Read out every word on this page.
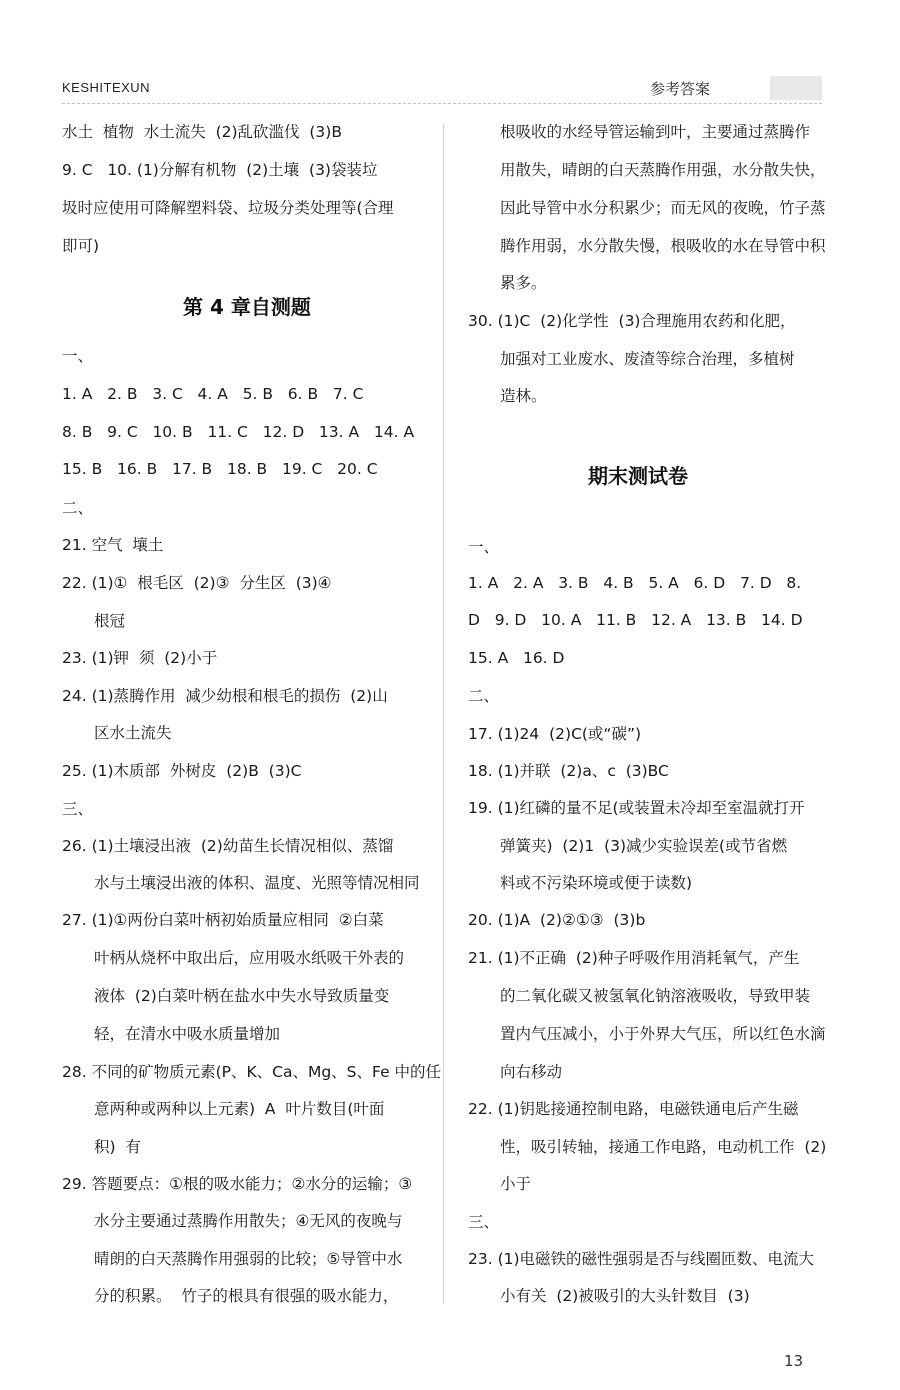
KESHITEXUN	参考答案
水土  植物  水土流失  (2)乱砍滥伐  (3)B
9. C   10. (1)分解有机物  (2)土壤  (3)袋装垃
圾时应使用可降解塑料袋、垃圾分类处理等(合理
即可)
第 4 章自测题
一、
1. A   2. B   3. C   4. A   5. B   6. B   7. C
8. B   9. C   10. B   11. C   12. D   13. A   14. A
15. B   16. B   17. B   18. B   19. C   20. C
二、
21. 空气  壤土
22. (1)①  根毛区  (2)③  分生区  (3)④
根冠
23. (1)钾  须  (2)小于
24. (1)蒸腾作用  减少幼根和根毛的损伤  (2)山
区水土流失
25. (1)木质部  外树皮  (2)B  (3)C
三、
26. (1)土壤浸出液  (2)幼苗生长情况相似、蒸馏
水与土壤浸出液的体积、温度、光照等情况相同
27. (1)①两份白菜叶柄初始质量应相同  ②白菜
叶柄从烧杯中取出后，应用吸水纸吸干外表的
液体  (2)白菜叶柄在盐水中失水导致质量变
轻，在清水中吸水质量增加
28. 不同的矿物质元素(P、K、Ca、Mg、S、Fe 中的任
意两种或两种以上元素)  A  叶片数目(叶面
积)  有
29. 答题要点：①根的吸水能力；②水分的运输；③
水分主要通过蒸腾作用散失；④无风的夜晚与
晴朗的白天蒸腾作用强弱的比较；⑤导管中水
分的积累。  竹子的根具有很强的吸水能力，
根吸收的水经导管运输到叶，主要通过蒸腾作
用散失，晴朗的白天蒸腾作用强，水分散失快，
因此导管中水分积累少；而无风的夜晚，竹子蒸
腾作用弱，水分散失慢，根吸收的水在导管中积
累多。
30. (1)C  (2)化学性  (3)合理施用农药和化肥，
加强对工业废水、废渣等综合治理，多植树
造林。
期末测试卷
一、
1. A   2. A   3. B   4. B   5. A   6. D   7. D   8.
D   9. D   10. A   11. B   12. A   13. B   14. D
15. A   16. D
二、
17. (1)24  (2)C(或“碳”)
18. (1)并联  (2)a、c  (3)BC
19. (1)红磷的量不足(或装置未冷却至室温就打开
弹簧夹)  (2)1  (3)减少实验误差(或节省燃
料或不污染环境或便于读数)
20. (1)A  (2)②①③  (3)b
21. (1)不正确  (2)种子呼吸作用消耗氧气，产生
的二氧化碳又被氢氧化钠溶液吸收，导致甲装
置内气压减小，小于外界大气压，所以红色水滴
向右移动
22. (1)钥匙接通控制电路，电磁铁通电后产生磁
性，吸引转轴，接通工作电路，电动机工作  (2)
小于
三、
23. (1)电磁铁的磁性强弱是否与线圈匝数、电流大
小有关  (2)被吸引的大头针数目  (3)
13
